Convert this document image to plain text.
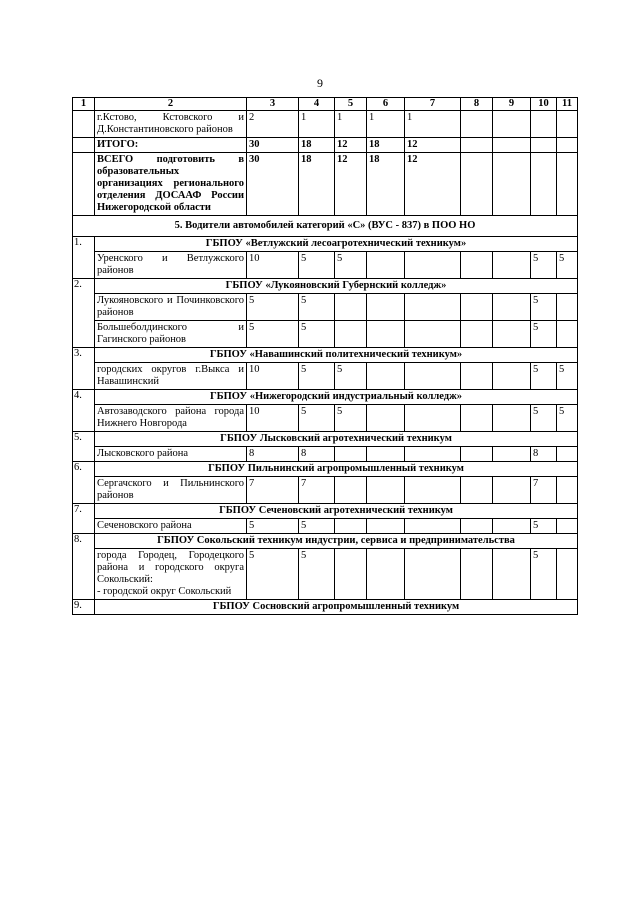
9
1	2	3	4	5	6	7	8	9	10	11
	г.Кстово, Кстовского и Д.Константиновского районов	2	1	1	1	1				
	ИТОГО:	30	18	12	18	12				
	ВСЕГО подготовить в образовательных организациях регионального отделения ДОСААФ России Нижегородской области	30	18	12	18	12				
5. Водители автомобилей категорий «С» (ВУС - 837) в ПОО НО										
1.	ГБПОУ «Ветлужский лесоагротехнический техникум»									
	Уренского и Ветлужского районов	10	5	5					5	5
2.	ГБПОУ «Лукояновский Губернский колледж»									
	Лукояновского и Починковского районов	5	5						5	
	Большеболдинского и Гагинского районов	5	5						5	
3.	ГБПОУ «Навашинский политехнический техникум»									
	городских округов г.Выкса и Навашинский	10	5	5					5	5
4.	ГБПОУ «Нижегородский индустриальный колледж»									
	Автозаводского района города Нижнего Новгорода	10	5	5					5	5
5.	ГБПОУ Лысковский агротехнический техникум									
	Лысковского района	8	8						8	
6.	ГБПОУ Пильнинский агропромышленный техникум									
	Сергачского и Пильнинского районов	7	7						7	
7.	ГБПОУ Сеченовский агротехнический техникум									
	Сеченовского района	5	5						5	
8.	ГБПОУ Сокольский техникум индустрии, сервиса и предпринимательства									
	города Городец, Городецкого района и городского округа Сокольский:
- городской округ Сокольский	5	5						5	
9.	ГБПОУ Сосновский агропромышленный техникум									
